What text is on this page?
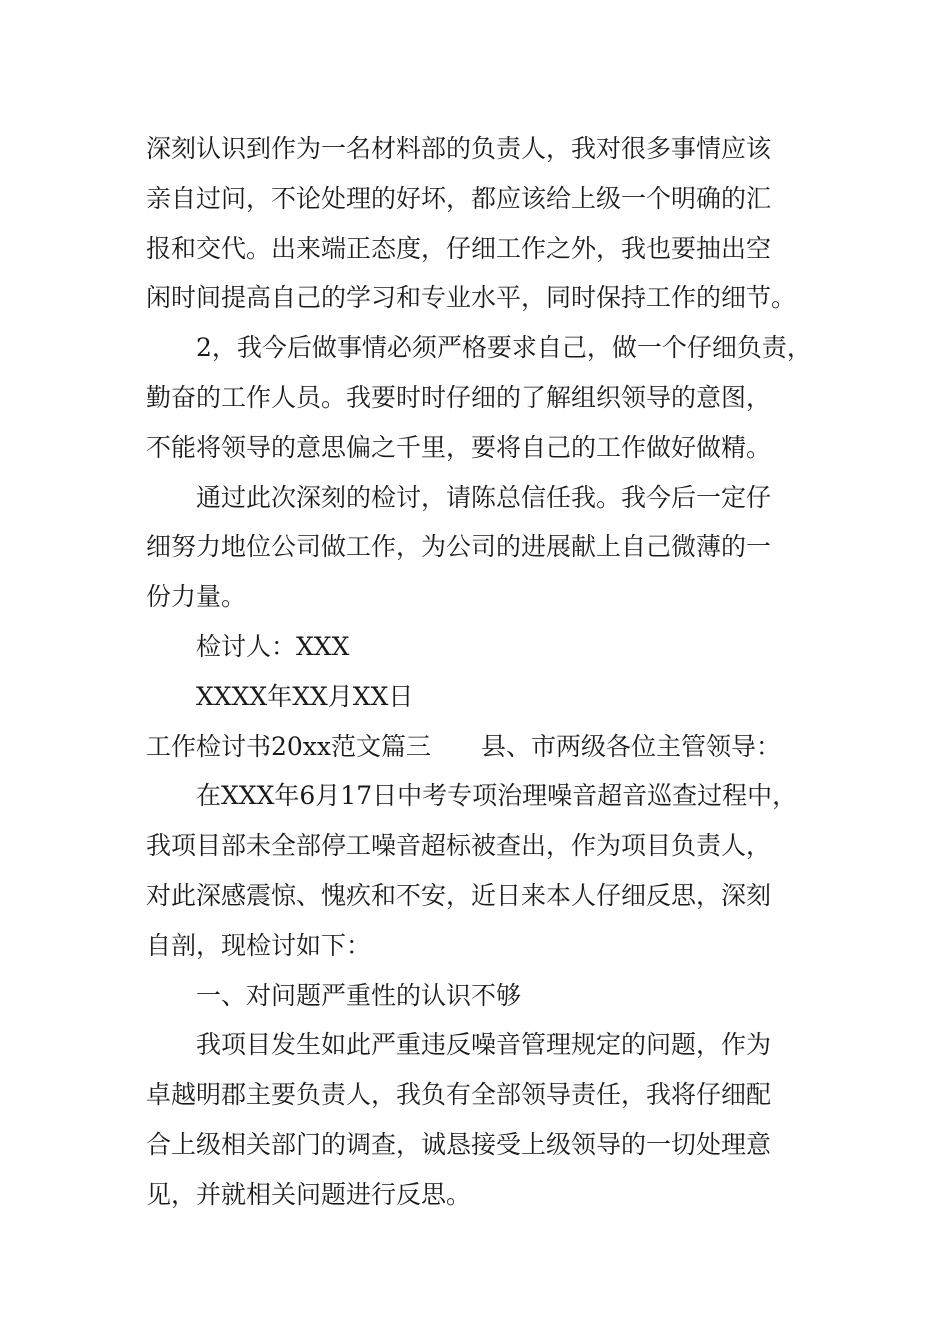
深刻认识到作为一名材料部的负责人，我对很多事情应该
亲自过问，不论处理的好坏，都应该给上级一个明确的汇
报和交代。出来端正态度，仔细工作之外，我也要抽出空
闲时间提高自己的学习和专业水平，同时保持工作的细节。
2，我今后做事情必须严格要求自己，做一个仔细负责，
勤奋的工作人员。我要时时仔细的了解组织领导的意图，
不能将领导的意思偏之千里，要将自己的工作做好做精。
通过此次深刻的检讨，请陈总信任我。我今后一定仔
细努力地位公司做工作，为公司的进展献上自己微薄的一
份力量。
检讨人：XXX
XXXX年XX月XX日
工作检讨书20xx范文篇三　　县、市两级各位主管领导：
在XXX年6月17日中考专项治理噪音超音巡查过程中，
我项目部未全部停工噪音超标被查出，作为项目负责人，
对此深感震惊、愧疚和不安，近日来本人仔细反思，深刻
自剖，现检讨如下：
一、对问题严重性的认识不够
我项目发生如此严重违反噪音管理规定的问题，作为
卓越明郡主要负责人，我负有全部领导责任，我将仔细配
合上级相关部门的调查，诚恳接受上级领导的一切处理意
见，并就相关问题进行反思。
